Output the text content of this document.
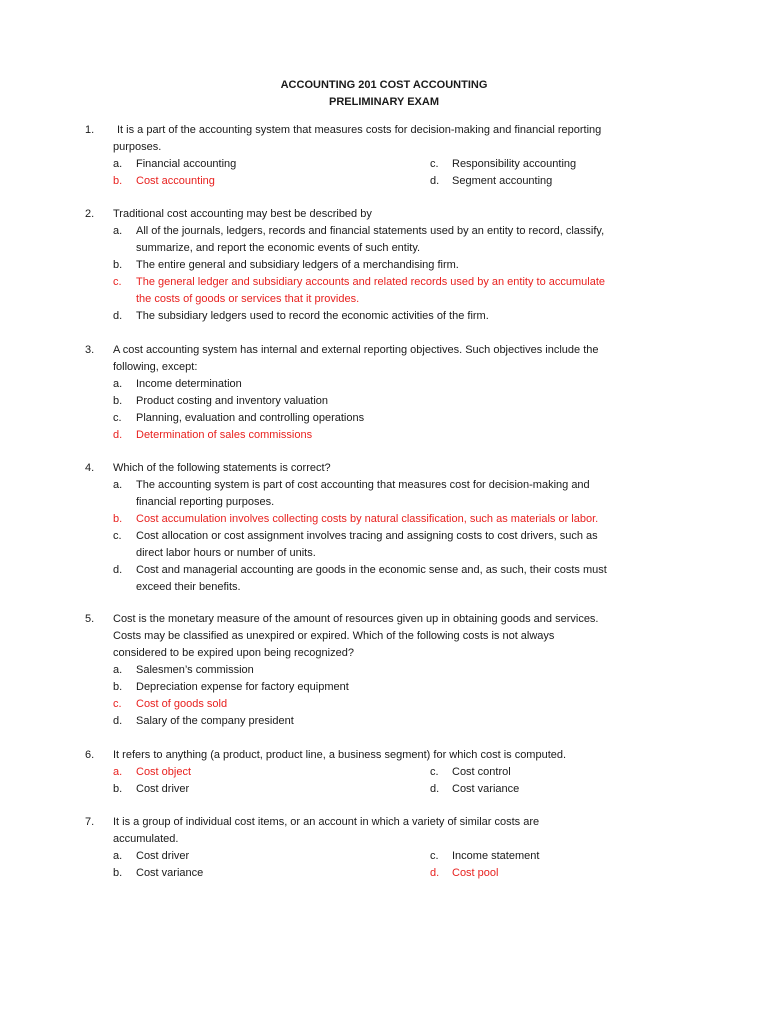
ACCOUNTING 201 COST ACCOUNTING
PRELIMINARY EXAM
1. It is a part of the accounting system that measures costs for decision-making and financial reporting
purposes.
a. Financial accounting	c. Responsibility accounting
b. Cost accounting	d. Segment accounting
2. Traditional cost accounting may best be described by
a. All of the journals, ledgers, records and financial statements used by an entity to record, classify,
summarize, and report the economic events of such entity.
b. The entire general and subsidiary ledgers of a merchandising firm.
c. The general ledger and subsidiary accounts and related records used by an entity to accumulate
the costs of goods or services that it provides.
d. The subsidiary ledgers used to record the economic activities of the firm.
3. A cost accounting system has internal and external reporting objectives. Such objectives include the
following, except:
a. Income determination
b. Product costing and inventory valuation
c. Planning, evaluation and controlling operations
d. Determination of sales commissions
4. Which of the following statements is correct?
a. The accounting system is part of cost accounting that measures cost for decision-making and
financial reporting purposes.
b. Cost accumulation involves collecting costs by natural classification, such as materials or labor.
c. Cost allocation or cost assignment involves tracing and assigning costs to cost drivers, such as
direct labor hours or number of units.
d. Cost and managerial accounting are goods in the economic sense and, as such, their costs must
exceed their benefits.
5. Cost is the monetary measure of the amount of resources given up in obtaining goods and services.
Costs may be classified as unexpired or expired. Which of the following costs is not always
considered to be expired upon being recognized?
a. Salesmen’s commission
b. Depreciation expense for factory equipment
c. Cost of goods sold
d. Salary of the company president
6. It refers to anything (a product, product line, a business segment) for which cost is computed.
a. Cost object	c. Cost control
b. Cost driver	d. Cost variance
7. It is a group of individual cost items, or an account in which a variety of similar costs are
accumulated.
a. Cost driver	c. Income statement
b. Cost variance	d. Cost pool
